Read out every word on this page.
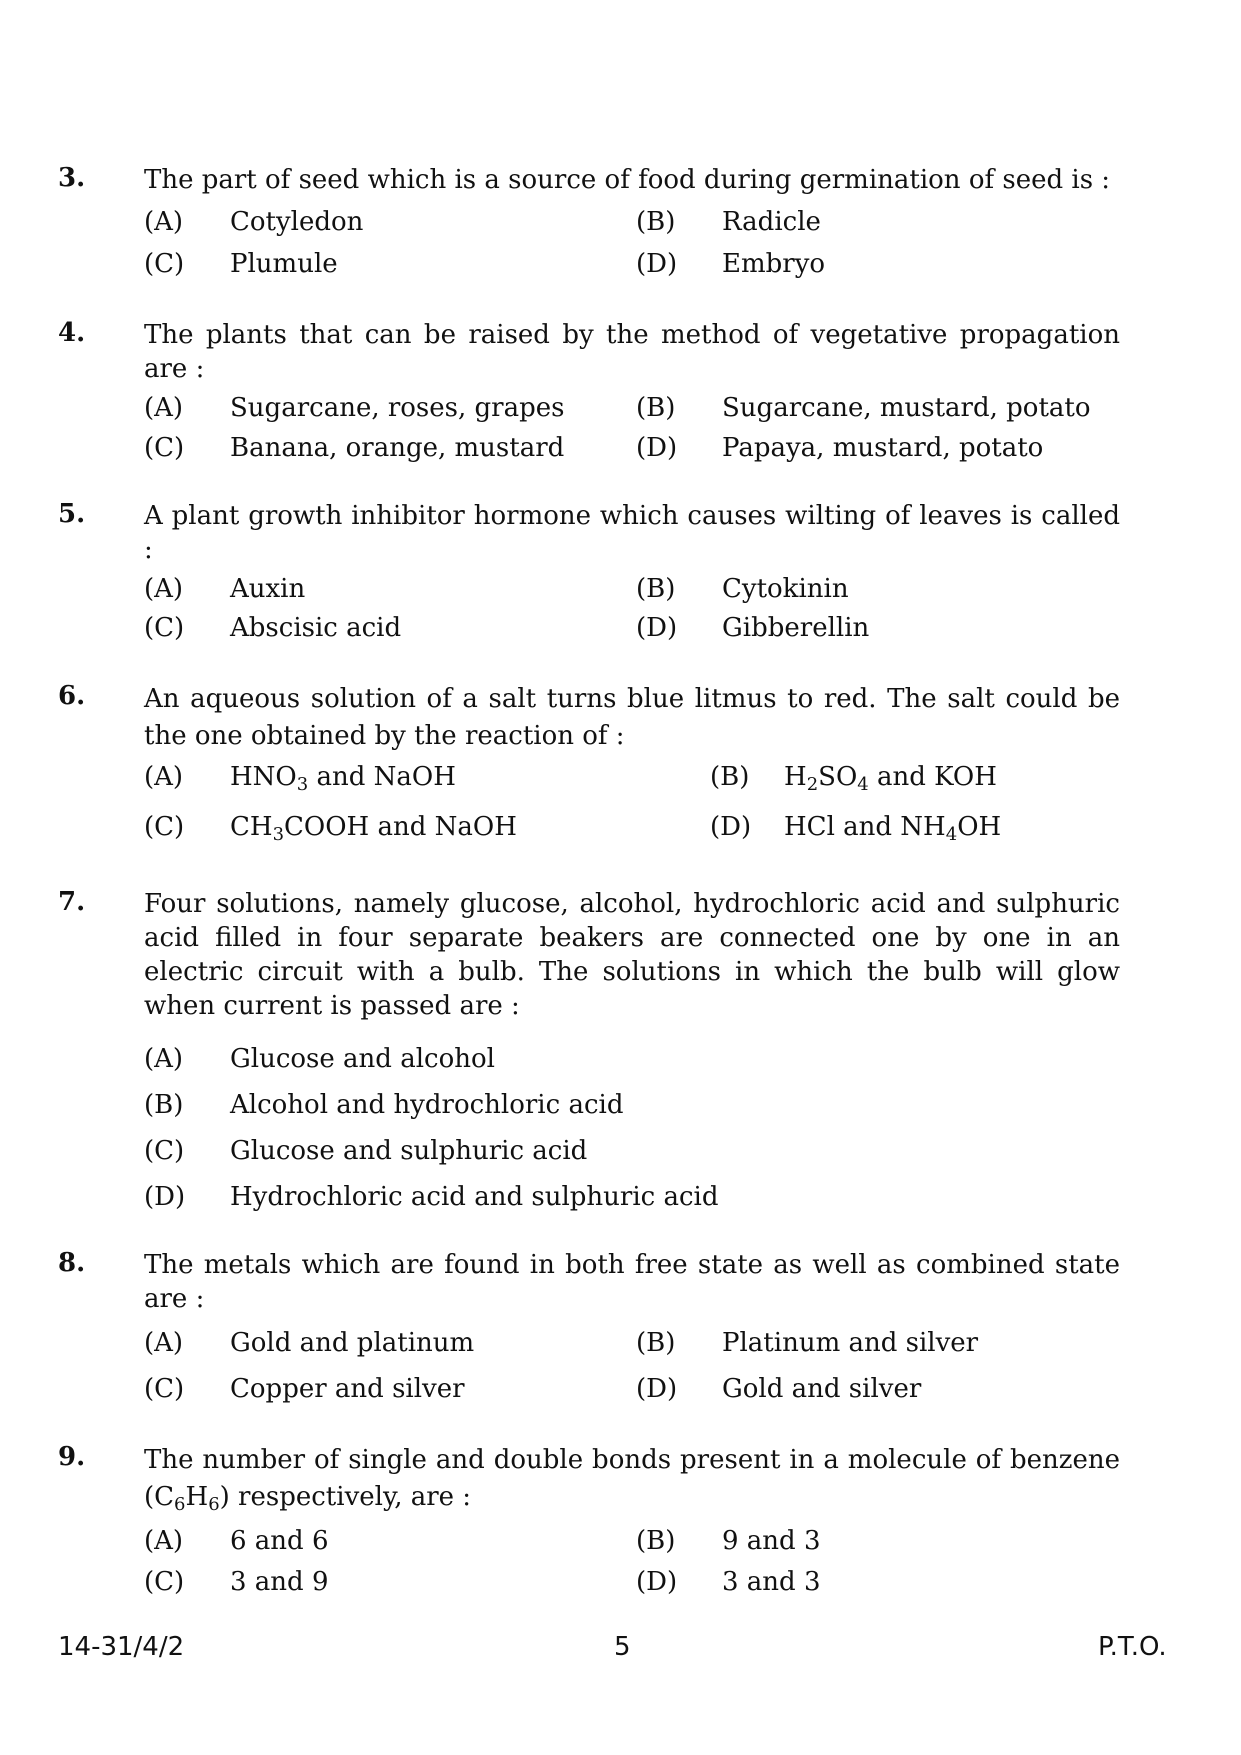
3. The part of seed which is a source of food during germination of seed is :
(A) Cotyledon	(B) Radicle
(C) Plumule	(D) Embryo
4. The plants that can be raised by the method of vegetative propagation are :
(A) Sugarcane, roses, grapes	(B) Sugarcane, mustard, potato
(C) Banana, orange, mustard	(D) Papaya, mustard, potato
5. A plant growth inhibitor hormone which causes wilting of leaves is called :
(A) Auxin	(B) Cytokinin
(C) Abscisic acid	(D) Gibberellin
6. An aqueous solution of a salt turns blue litmus to red. The salt could be the one obtained by the reaction of :
(A) $HNO_3$ and NaOH	(B) $H_2SO_4$ and KOH
(C) $CH_3COOH$ and NaOH	(D) HCl and $NH_4OH$
7. Four solutions, namely glucose, alcohol, hydrochloric acid and sulphuric acid filled in four separate beakers are connected one by one in an electric circuit with a bulb. The solutions in which the bulb will glow when current is passed are :
(A) Glucose and alcohol
(B) Alcohol and hydrochloric acid
(C) Glucose and sulphuric acid
(D) Hydrochloric acid and sulphuric acid
8. The metals which are found in both free state as well as combined state are :
(A) Gold and platinum	(B) Platinum and silver
(C) Copper and silver	(D) Gold and silver
9. The number of single and double bonds present in a molecule of benzene $(C_6H_6)$ respectively, are :
(A) 6 and 6	(B) 9 and 3
(C) 3 and 9	(D) 3 and 3
14-31/4/2	5	P.T.O.
